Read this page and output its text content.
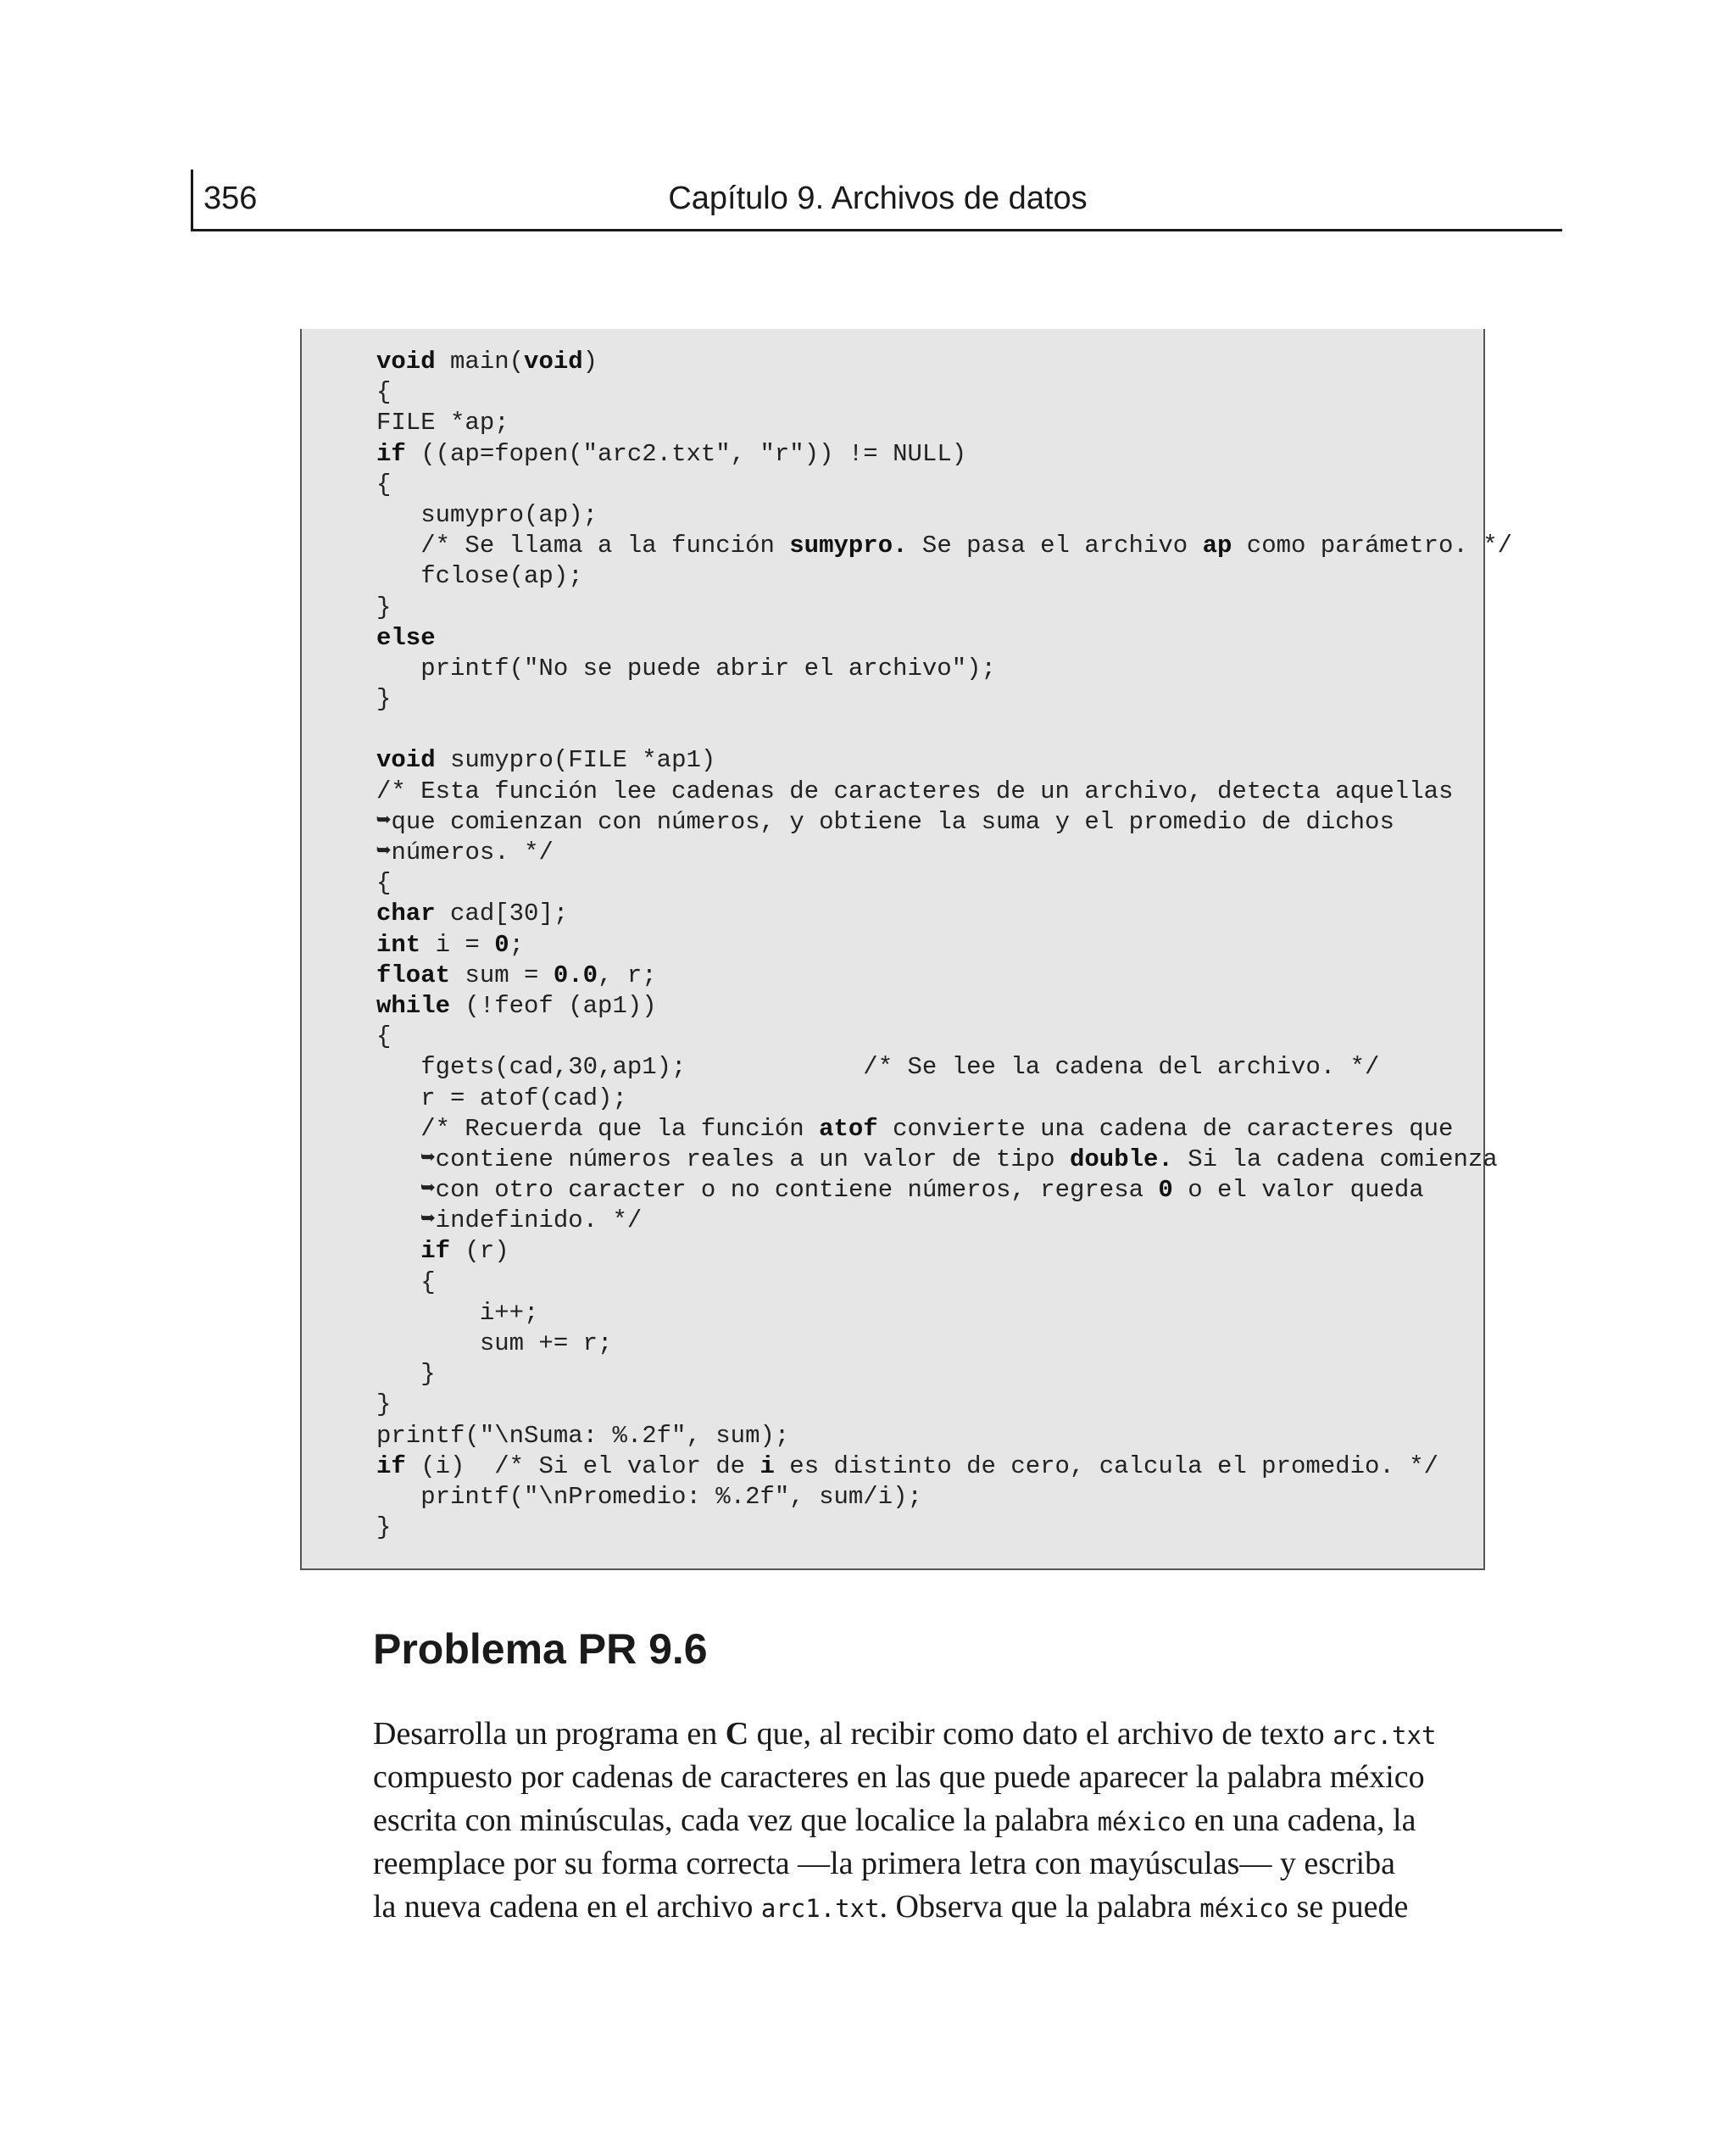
356	Capítulo 9. Archivos de datos
void main(void)
{
FILE *ap;
if ((ap=fopen("arc2.txt", "r")) != NULL)
{
sumypro(ap);
/* Se llama a la función sumypro. Se pasa el archivo ap como parámetro. */
fclose(ap);
}
else
printf("No se puede abrir el archivo");
}
void sumypro(FILE *ap1)
/* Esta función lee cadenas de caracteres de un archivo, detecta aquellas
➥que comienzan con números, y obtiene la suma y el promedio de dichos
➥números. */
{
char cad[30];
int i = 0;
float sum = 0.0, r;
while (!feof (ap1))
{
fgets(cad,30,ap1);            /* Se lee la cadena del archivo. */
r = atof(cad);
/* Recuerda que la función atof convierte una cadena de caracteres que
➥contiene números reales a un valor de tipo double. Si la cadena comienza
➥con otro caracter o no contiene números, regresa 0 o el valor queda
➥indefinido. */
if (r)
{
i++;
sum += r;
}
}
printf("\nSuma: %.2f", sum);
if (i)  /* Si el valor de i es distinto de cero, calcula el promedio. */
printf("\nPromedio: %.2f", sum/i);
}
Problema PR 9.6
Desarrolla un programa en C que, al recibir como dato el archivo de texto arc.txt
compuesto por cadenas de caracteres en las que puede aparecer la palabra méxico
escrita con minúsculas, cada vez que localice la palabra méxico en una cadena, la
reemplace por su forma correcta —la primera letra con mayúsculas— y escriba
la nueva cadena en el archivo arc1.txt. Observa que la palabra méxico se puede
